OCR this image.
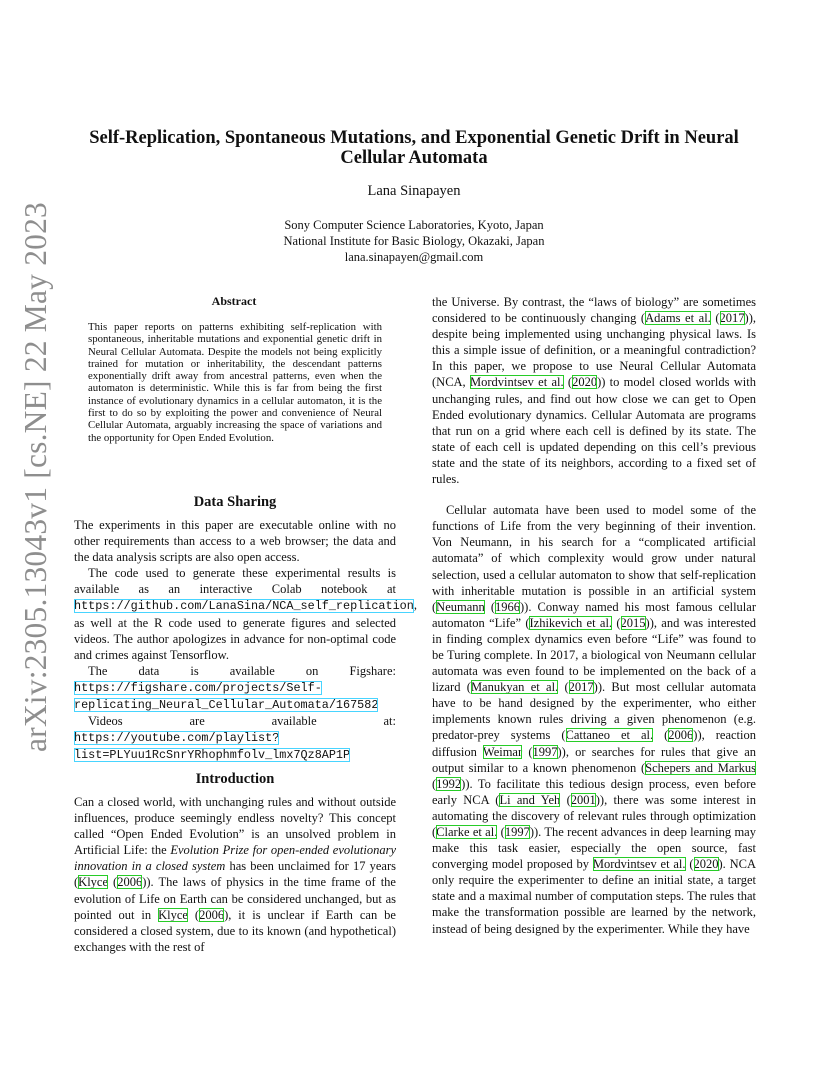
arXiv:2305.13043v1 [cs.NE] 22 May 2023
Self-Replication, Spontaneous Mutations, and Exponential Genetic Drift in Neural Cellular Automata
Lana Sinapayen
Sony Computer Science Laboratories, Kyoto, Japan
National Institute for Basic Biology, Okazaki, Japan
lana.sinapayen@gmail.com
Abstract
This paper reports on patterns exhibiting self-replication with spontaneous, inheritable mutations and exponential genetic drift in Neural Cellular Automata. Despite the models not being explicitly trained for mutation or inheritability, the descendant patterns exponentially drift away from ancestral patterns, even when the automaton is deterministic. While this is far from being the first instance of evolutionary dynamics in a cellular automaton, it is the first to do so by exploiting the power and convenience of Neural Cellular Automata, arguably increasing the space of variations and the opportunity for Open Ended Evolution.
Data Sharing

The experiments in this paper are executable online with no other requirements than access to a web browser; the data and the data analysis scripts are also open access.

The code used to generate these experimental results is available as an interactive Colab notebook at https://github.com/LanaSina/NCA_self_replication, as well at the R code used to generate figures and selected videos. The author apologizes in advance for non-optimal code and crimes against Tensorflow.

The data is available on Figshare: https://figshare.com/projects/Self-replicating_Neural_Cellular_Automata/167582

Videos are available at: https://youtube.com/playlist?list=PLYuu1RcSnrYRhophmfolv_lmx7Qz8AP1P

Introduction

Can a closed world, with unchanging rules and without outside influences, produce seemingly endless novelty? This concept called “Open Ended Evolution” is an unsolved problem in Artificial Life: the Evolution Prize for open-ended evolutionary innovation in a closed system has been unclaimed for 17 years (Klyce (2006)). The laws of physics in the time frame of the evolution of Life on Earth can be considered unchanged, but as pointed out in Klyce (2006), it is unclear if Earth can be considered a closed system, due to its known (and hypothetical) exchanges with the rest of

the Universe. By contrast, the “laws of biology” are sometimes considered to be continuously changing (Adams et al. (2017)), despite being implemented using unchanging physical laws. Is this a simple issue of definition, or a meaningful contradiction? In this paper, we propose to use Neural Cellular Automata (NCA, Mordvintsev et al. (2020)) to model closed worlds with unchanging rules, and find out how close we can get to Open Ended evolutionary dynamics. Cellular Automata are programs that run on a grid where each cell is defined by its state. The state of each cell is updated depending on this cell’s previous state and the state of its neighbors, according to a fixed set of rules.

Cellular automata have been used to model some of the functions of Life from the very beginning of their invention. Von Neumann, in his search for a “complicated artificial automata” of which complexity would grow under natural selection, used a cellular automaton to show that self-replication with inheritable mutation is possible in an artificial system (Neumann (1966)). Conway named his most famous cellular automaton “Life” (Izhikevich et al. (2015)), and was interested in finding complex dynamics even before “Life” was found to be Turing complete. In 2017, a biological von Neumann cellular automata was even found to be implemented on the back of a lizard (Manukyan et al. (2017)). But most cellular automata have to be hand designed by the experimenter, who either implements known rules driving a given phenomenon (e.g. predator-prey systems (Cattaneo et al. (2006)), reaction diffusion Weimar (1997)), or searches for rules that give an output similar to a known phenomenon (Schepers and Markus (1992)). To facilitate this tedious design process, even before early NCA (Li and Yeh (2001)), there was some interest in automating the discovery of relevant rules through optimization (Clarke et al. (1997)). The recent advances in deep learning may make this task easier, especially the open source, fast converging model proposed by Mordvintsev et al. (2020). NCA only require the experimenter to define an initial state, a target state and a maximal number of computation steps. The rules that make the transformation possible are learned by the network, instead of being designed by the experimenter. While they have
